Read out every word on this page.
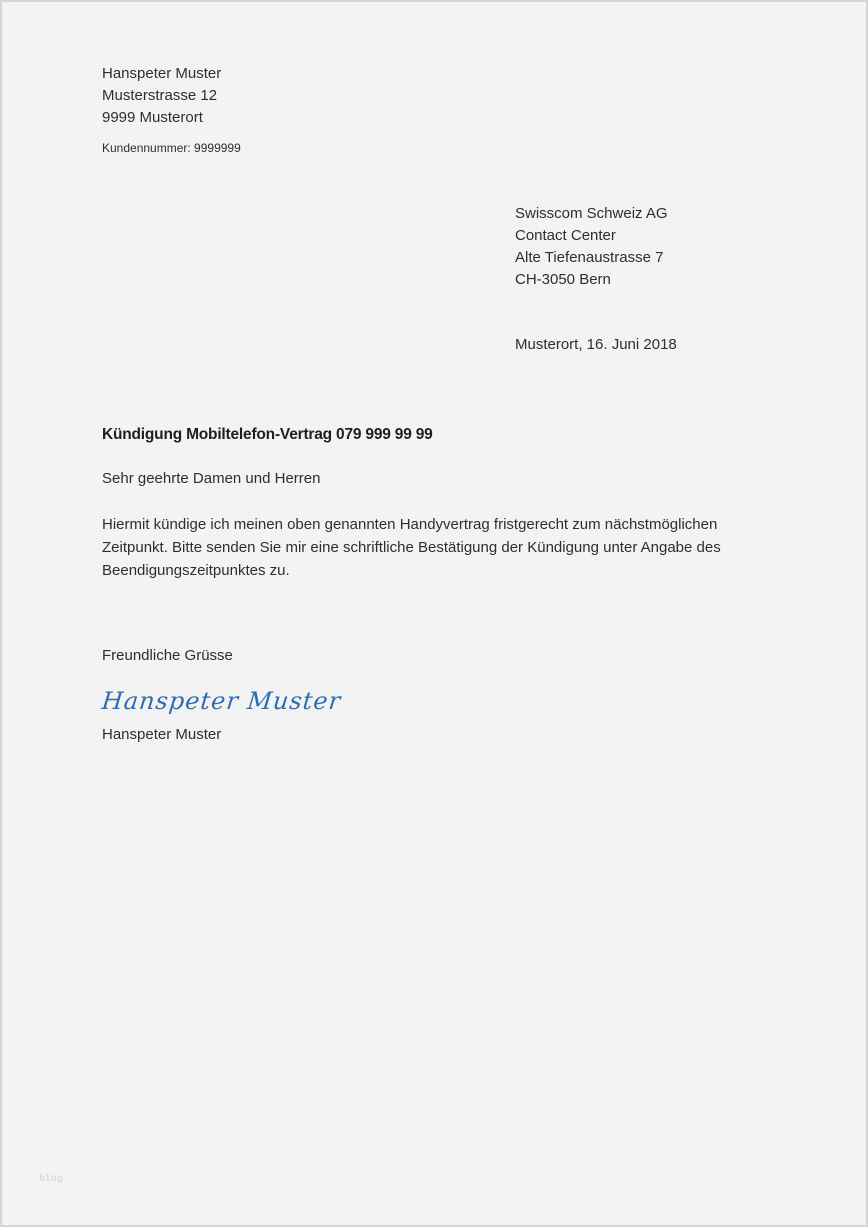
Hanspeter Muster
Musterstrasse 12
9999 Musterort
Kundennummer: 9999999
Swisscom Schweiz AG
Contact Center
Alte Tiefenaustrasse 7
CH-3050 Bern
Musterort, 16. Juni 2018
Kündigung Mobiltelefon-Vertrag 079 999 99 99
Sehr geehrte Damen und Herren
Hiermit kündige ich meinen oben genannten Handyvertrag fristgerecht zum nächstmöglichen Zeitpunkt. Bitte senden Sie mir eine schriftliche Bestätigung der Kündigung unter Angabe des Beendigungszeitpunktes zu.
Freundliche Grüsse
Hanspeter Muster
Hanspeter Muster
blog
